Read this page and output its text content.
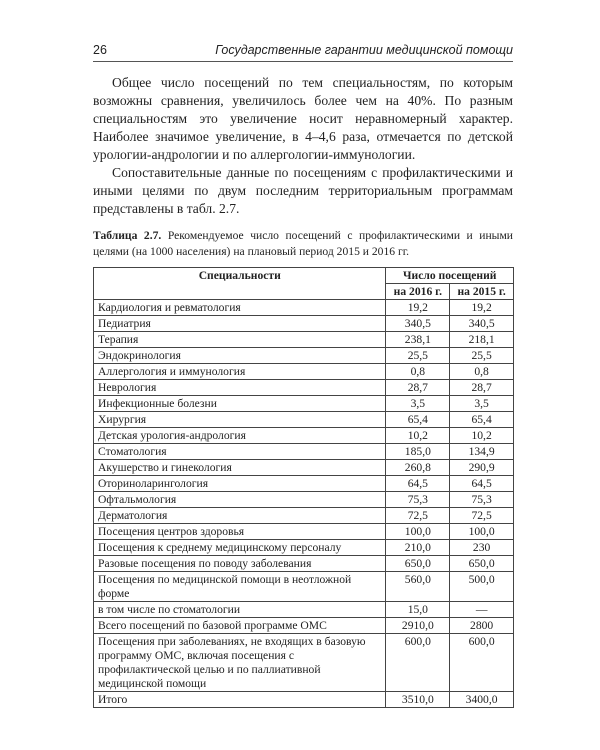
26	Государственные гарантии медицинской помощи

Общее число посещений по тем специальностям, по которым возможны сравнения, увеличилось более чем на 40%. По разным специальностям это увеличение носит неравномерный характер. Наиболее значимое увеличение, в 4–4,6 раза, отмечается по детской урологии-андрологии и по аллергологии-иммунологии.

Сопоставительные данные по посещениям с профилактическими и иными целями по двум последним территориальным программам представлены в табл. 2.7.

Таблица 2.7. Рекомендуемое число посещений с профилактическими и иными целями (на 1000 населения) на плановый период 2015 и 2016 гг.
Специальности	Число посещений	
	на 2016 г.	на 2015 г.
Кардиология и ревматология	19,2	19,2
Педиатрия	340,5	340,5
Терапия	238,1	218,1
Эндокринология	25,5	25,5
Аллергология и иммунология	0,8	0,8
Неврология	28,7	28,7
Инфекционные болезни	3,5	3,5
Хирургия	65,4	65,4
Детская урология-андрология	10,2	10,2
Стоматология	185,0	134,9
Акушерство и гинекология	260,8	290,9
Оториноларингология	64,5	64,5
Офтальмология	75,3	75,3
Дерматология	72,5	72,5
Посещения центров здоровья	100,0	100,0
Посещения к среднему медицинскому персоналу	210,0	230
Разовые посещения по поводу заболевания	650,0	650,0
Посещения по медицинской помощи в неотложной форме	560,0	500,0
в том числе по стоматологии	15,0	—
Всего посещений по базовой программе ОМС	2910,0	2800
Посещения при заболеваниях, не входящих в базовую программу ОМС, включая посещения с профилактической целью и по паллиативной медицинской помощи	600,0	600,0
Итого	3510,0	3400,0
